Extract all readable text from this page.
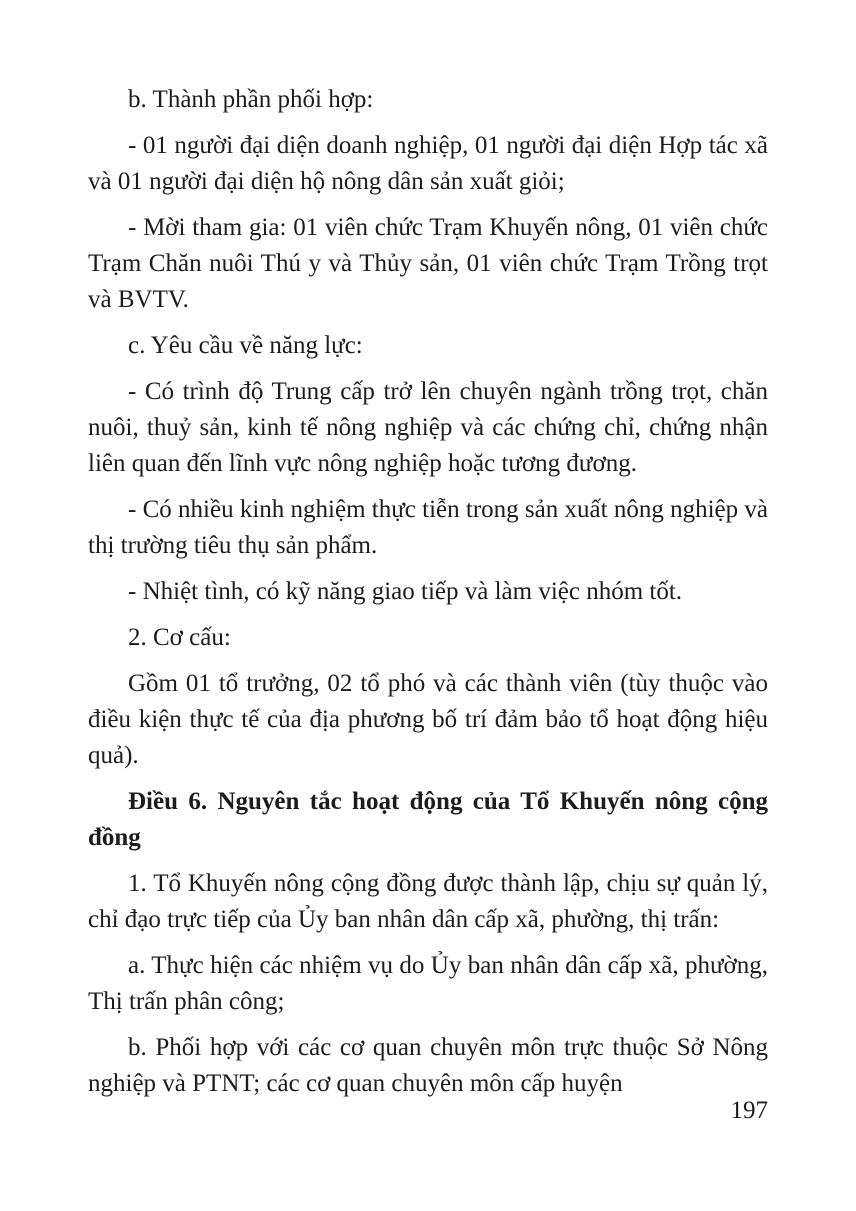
b. Thành phần phối hợp:

- 01 người đại diện doanh nghiệp, 01 người đại diện Hợp tác xã và 01 người đại diện hộ nông dân sản xuất giỏi;

- Mời tham gia: 01 viên chức Trạm Khuyến nông, 01 viên chức Trạm Chăn nuôi Thú y và Thủy sản, 01 viên chức Trạm Trồng trọt và BVTV.

c. Yêu cầu về năng lực:

- Có trình độ Trung cấp trở lên chuyên ngành trồng trọt, chăn nuôi, thuỷ sản, kinh tế nông nghiệp và các chứng chỉ, chứng nhận liên quan đến lĩnh vực nông nghiệp hoặc tương đương.

- Có nhiều kinh nghiệm thực tiễn trong sản xuất nông nghiệp và thị trường tiêu thụ sản phẩm.

- Nhiệt tình, có kỹ năng giao tiếp và làm việc nhóm tốt.

2. Cơ cấu:

Gồm 01 tổ trưởng, 02 tổ phó và các thành viên (tùy thuộc vào điều kiện thực tế của địa phương bố trí đảm bảo tổ hoạt động hiệu quả).

Điều 6. Nguyên tắc hoạt động của Tổ Khuyến nông cộng đồng

1. Tổ Khuyến nông cộng đồng được thành lập, chịu sự quản lý, chỉ đạo trực tiếp của Ủy ban nhân dân cấp xã, phường, thị trấn:

a. Thực hiện các nhiệm vụ do Ủy ban nhân dân cấp xã, phường, Thị trấn phân công;

b. Phối hợp với các cơ quan chuyên môn trực thuộc Sở Nông nghiệp và PTNT; các cơ quan chuyên môn cấp huyện

197
